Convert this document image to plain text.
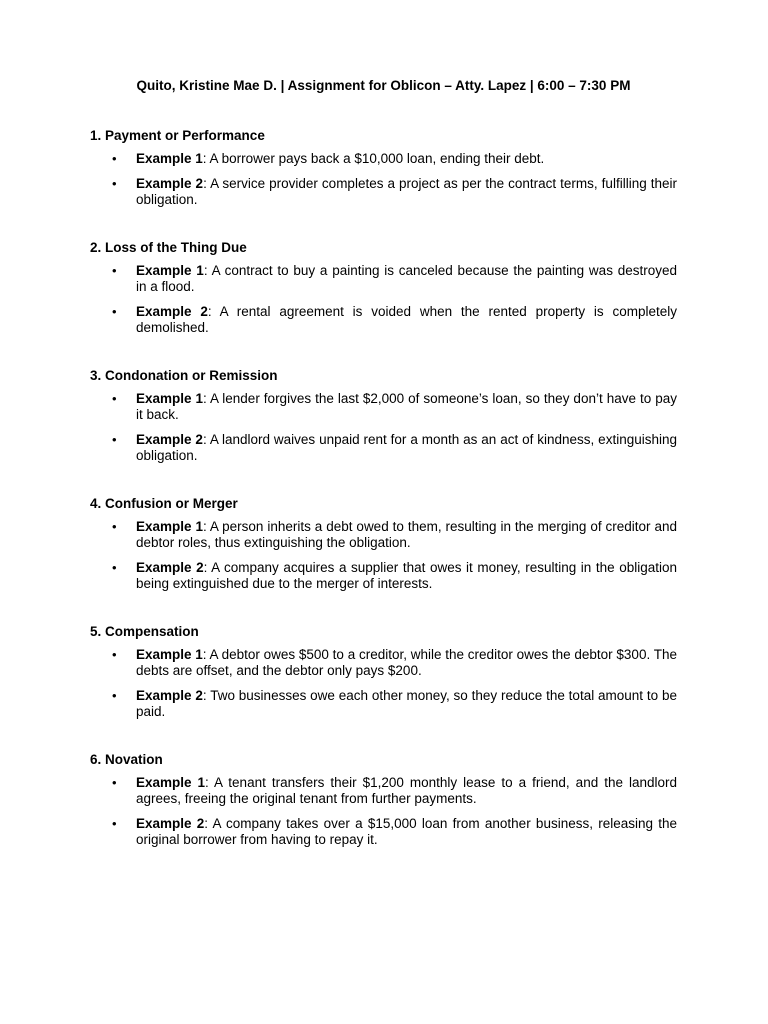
Quito, Kristine Mae D. | Assignment for Oblicon – Atty. Lapez | 6:00 – 7:30 PM
1. Payment or Performance
• Example 1: A borrower pays back a $10,000 loan, ending their debt.
• Example 2: A service provider completes a project as per the contract terms, fulfilling their obligation.
2. Loss of the Thing Due
• Example 1: A contract to buy a painting is canceled because the painting was destroyed in a flood.
• Example 2: A rental agreement is voided when the rented property is completely demolished.
3. Condonation or Remission
• Example 1: A lender forgives the last $2,000 of someone’s loan, so they don’t have to pay it back.
• Example 2: A landlord waives unpaid rent for a month as an act of kindness, extinguishing obligation.
4. Confusion or Merger
• Example 1: A person inherits a debt owed to them, resulting in the merging of creditor and debtor roles, thus extinguishing the obligation.
• Example 2: A company acquires a supplier that owes it money, resulting in the obligation being extinguished due to the merger of interests.
5. Compensation
• Example 1: A debtor owes $500 to a creditor, while the creditor owes the debtor $300. The debts are offset, and the debtor only pays $200.
• Example 2: Two businesses owe each other money, so they reduce the total amount to be paid.
6. Novation
• Example 1: A tenant transfers their $1,200 monthly lease to a friend, and the landlord agrees, freeing the original tenant from further payments.
• Example 2: A company takes over a $15,000 loan from another business, releasing the original borrower from having to repay it.
